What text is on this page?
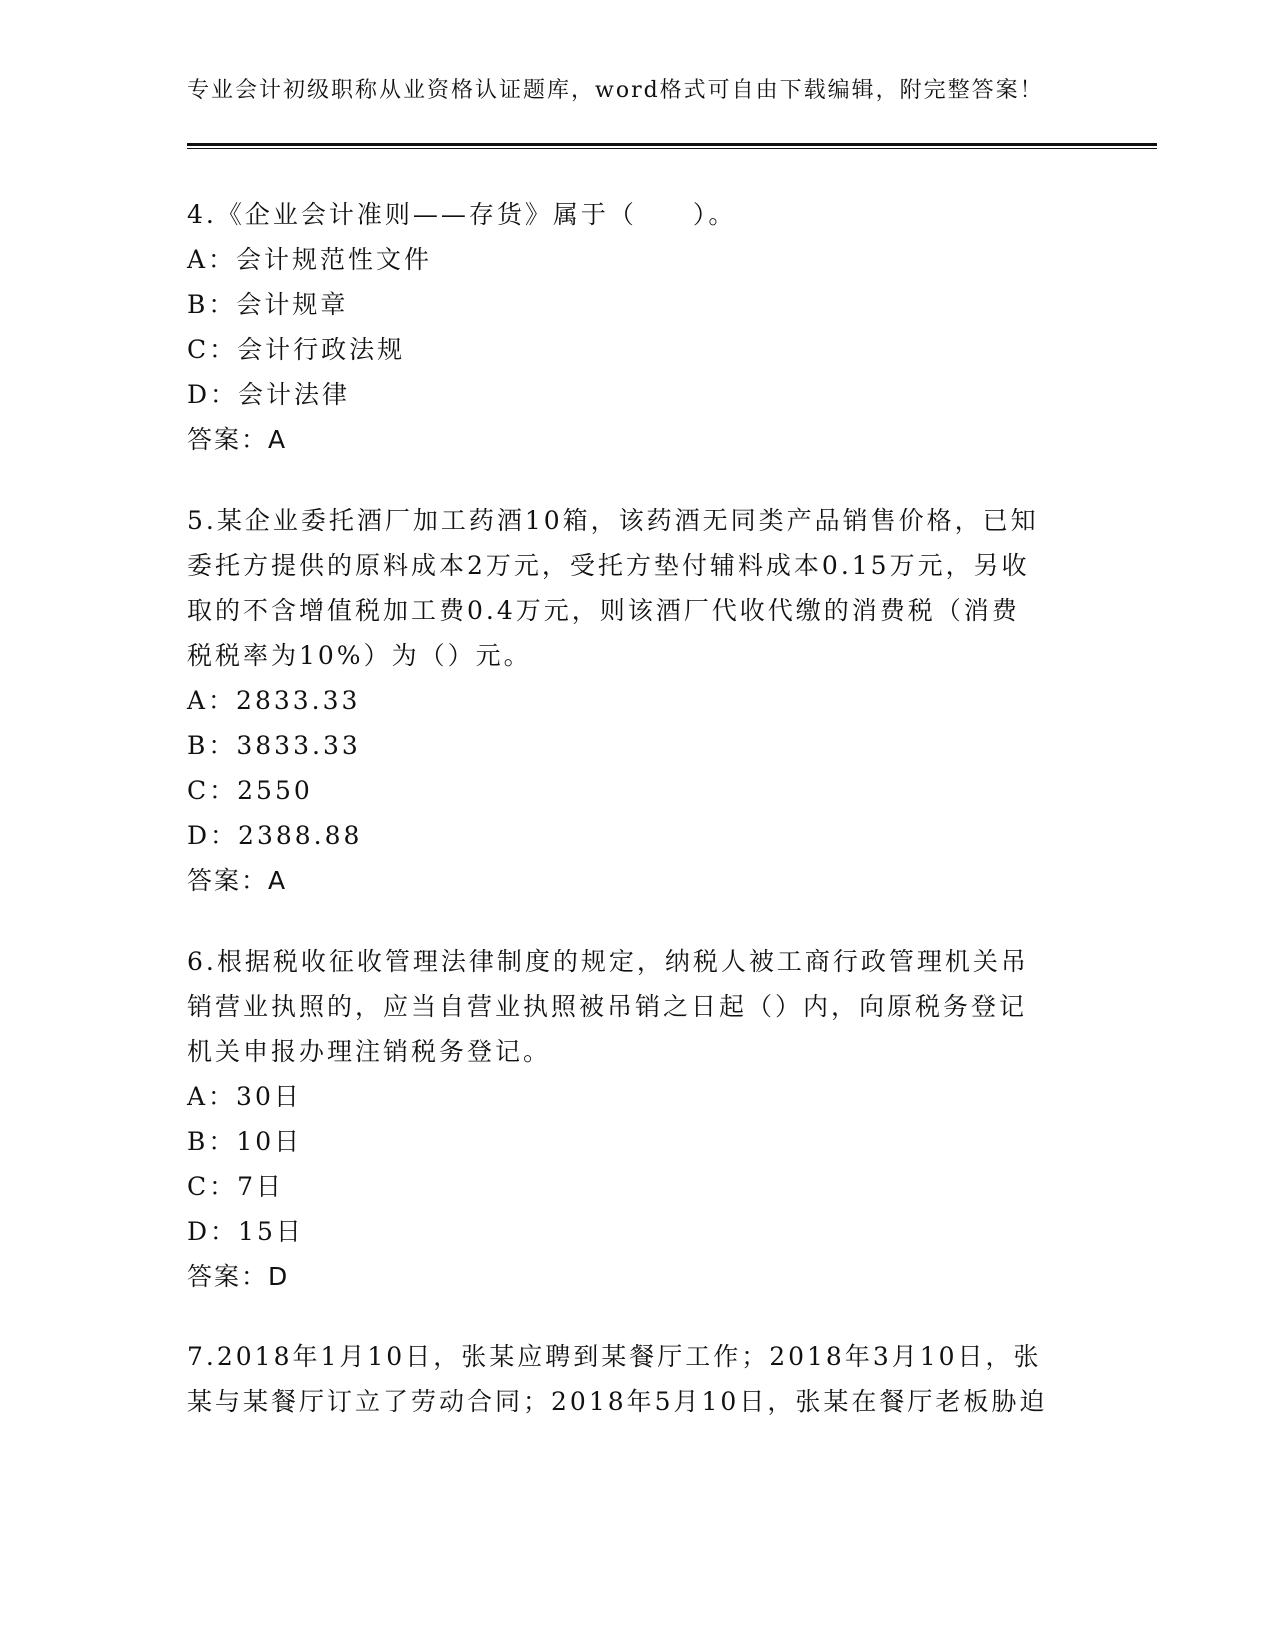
专业会计初级职称从业资格认证题库，word格式可自由下载编辑，附完整答案！

4.《企业会计准则——存货》属于（　　）。

A：会计规范性文件

B：会计规章

C：会计行政法规

D：会计法律

答案：A

5.某企业委托酒厂加工药酒10箱，该药酒无同类产品销售价格，已知委托方提供的原料成本2万元，受托方垫付辅料成本0.15万元，另收取的不含增值税加工费0.4万元，则该酒厂代收代缴的消费税（消费税税率为10%）为（）元。

A：2833.33

B：3833.33

C：2550

D：2388.88

答案：A

6.根据税收征收管理法律制度的规定，纳税人被工商行政管理机关吊销营业执照的，应当自营业执照被吊销之日起（）内，向原税务登记机关申报办理注销税务登记。

A：30日

B：10日

C：7日

D：15日

答案：D

7.2018年1月10日，张某应聘到某餐厅工作；2018年3月10日，张某与某餐厅订立了劳动合同；2018年5月10日，张某在餐厅老板胁迫
